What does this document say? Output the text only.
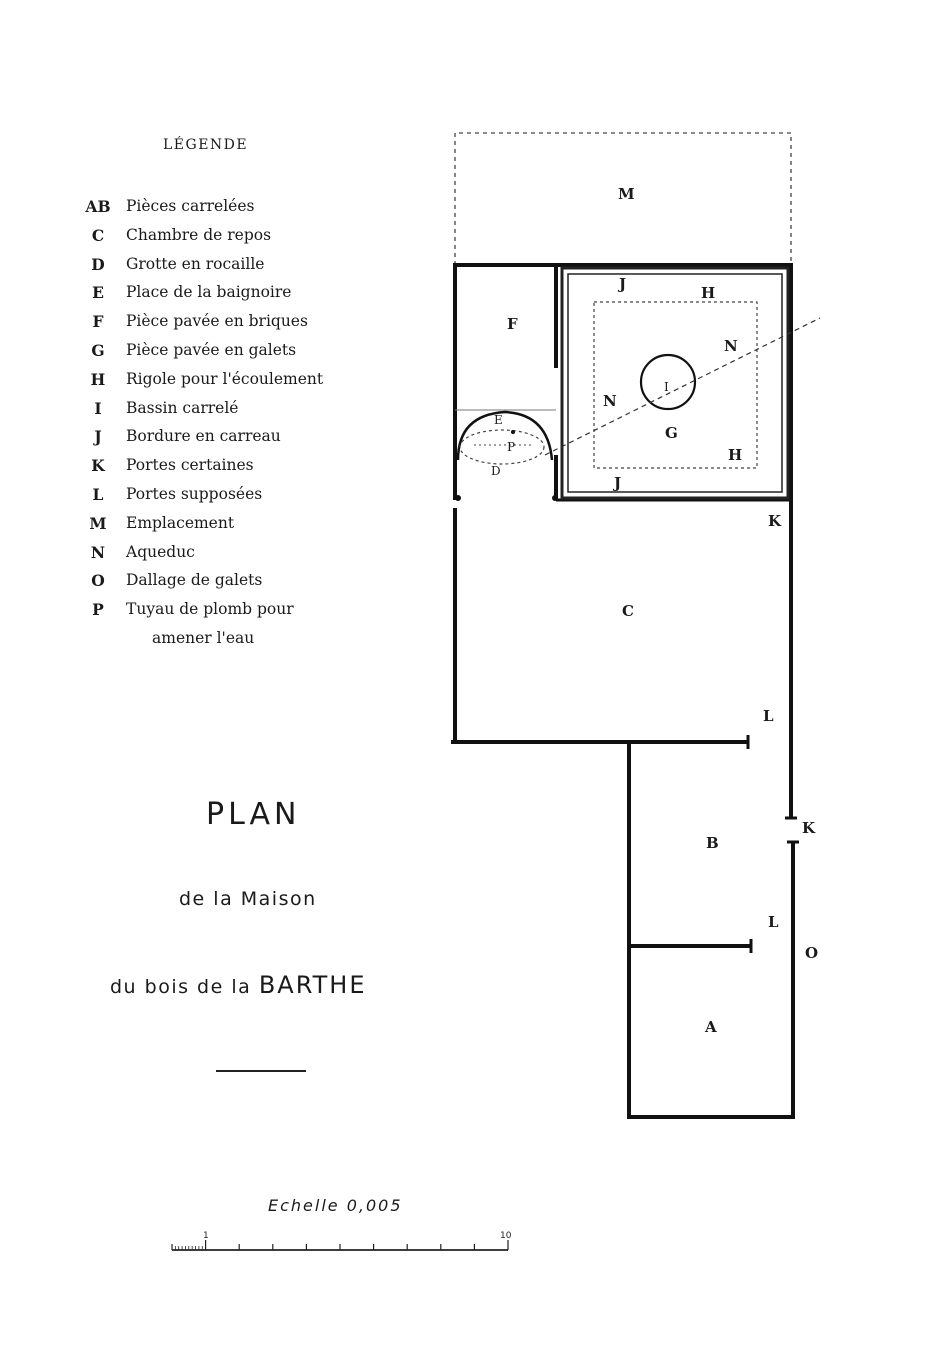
LÉGENDE
AB Pièces carrelées
C	Chambre de repos
D	Grotte en rocaille
E	Place de la baignoire
F	Pièce pavée en briques
G	Pièce pavée en galets
H	Rigole pour l'écoulement
I	Bassin carrelé
J	Bordure en carreau
K	Portes certaines
L	Portes supposées
M	Emplacement
N	Aqueduc
O	Dallage de galets
P	Tuyau de plomb pour
amener l'eau
PLAN
de la Maison
du bois de la BARTHE
Echelle 0,005
M
F
J	H
N
N
I
G
H
J
E
P
D
K
C
L
K
B
L
O
A
1	10
